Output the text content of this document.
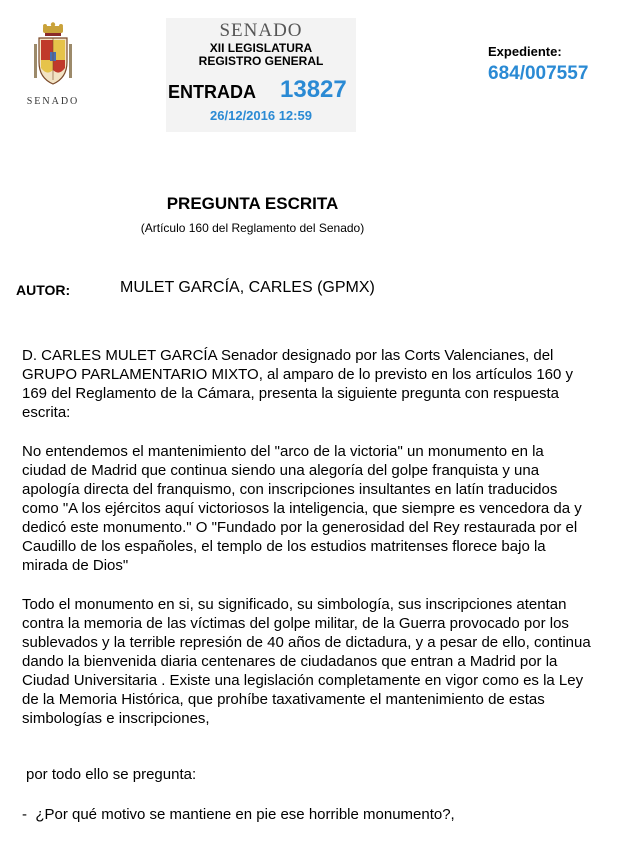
SENADO
SENADO
XII LEGISLATURA
REGISTRO GENERAL
ENTRADA 13827
26/12/2016 12:59
Expediente:
684/007557
PREGUNTA ESCRITA
(Artículo 160 del Reglamento del Senado)
AUTOR:	MULET GARCÍA, CARLES (GPMX)

D. CARLES MULET GARCÍA Senador designado por las Corts Valencianes, del
GRUPO PARLAMENTARIO MIXTO, al amparo de lo previsto en los artículos 160 y
169 del Reglamento de la Cámara, presenta la siguiente pregunta con respuesta
escrita:

No entendemos el mantenimiento del "arco de la victoria" un monumento en la
ciudad de Madrid que continua siendo una alegoría del golpe franquista y una
apología directa del franquismo, con inscripciones insultantes en latín traducidos
como "A los ejércitos aquí victoriosos la inteligencia, que siempre es vencedora da y
dedicó este monumento." O "Fundado por la generosidad del Rey restaurada por el
Caudillo de los españoles, el templo de los estudios matritenses florece bajo la
mirada de Dios"

Todo el monumento en si, su significado, su simbología, sus inscripciones atentan
contra la memoria de las víctimas del golpe militar, de la Guerra provocado por los
sublevados y la terrible represión de 40 años de dictadura, y a pesar de ello, continua
dando la bienvenida diaria centenares de ciudadanos que entran a Madrid por la
Ciudad Universitaria . Existe una legislación completamente en vigor como es la Ley
de la Memoria Histórica, que prohíbe taxativamente el mantenimiento de estas
simbologías e inscripciones,

por todo ello se pregunta:
-  ¿Por qué motivo se mantiene en pie ese horrible monumento?,
